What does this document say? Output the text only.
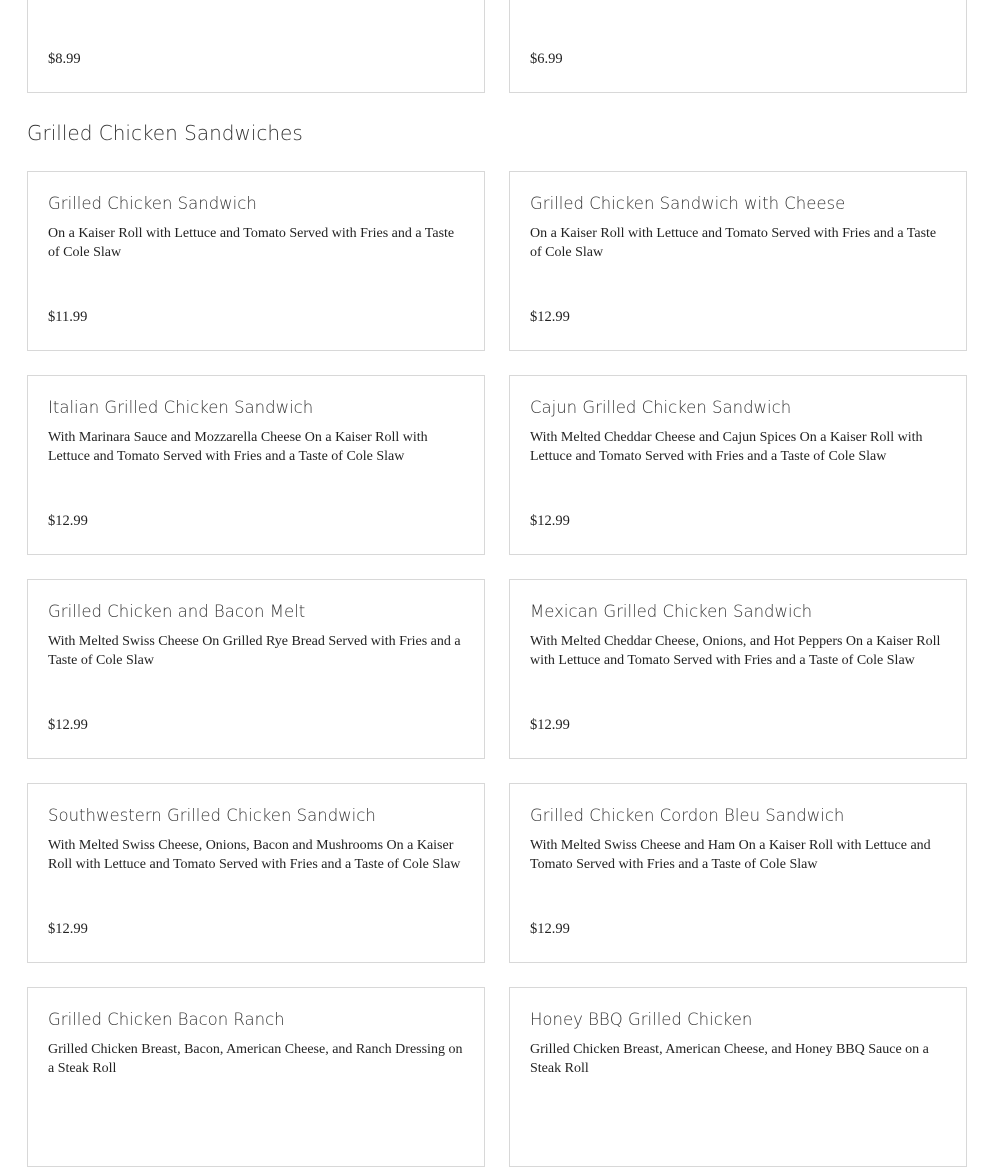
$8.99	$6.99
Grilled Chicken Sandwiches
Grilled Chicken Sandwich
On a Kaiser Roll with Lettuce and Tomato Served with Fries and a Taste of Cole Slaw
$11.99
Grilled Chicken Sandwich with Cheese
On a Kaiser Roll with Lettuce and Tomato Served with Fries and a Taste of Cole Slaw
$12.99
Italian Grilled Chicken Sandwich
With Marinara Sauce and Mozzarella Cheese On a Kaiser Roll with Lettuce and Tomato Served with Fries and a Taste of Cole Slaw
$12.99
Cajun Grilled Chicken Sandwich
With Melted Cheddar Cheese and Cajun Spices On a Kaiser Roll with Lettuce and Tomato Served with Fries and a Taste of Cole Slaw
$12.99
Grilled Chicken and Bacon Melt
With Melted Swiss Cheese On Grilled Rye Bread Served with Fries and a Taste of Cole Slaw
$12.99
Mexican Grilled Chicken Sandwich
With Melted Cheddar Cheese, Onions, and Hot Peppers On a Kaiser Roll with Lettuce and Tomato Served with Fries and a Taste of Cole Slaw
$12.99
Southwestern Grilled Chicken Sandwich
With Melted Swiss Cheese, Onions, Bacon and Mushrooms On a Kaiser Roll with Lettuce and Tomato Served with Fries and a Taste of Cole Slaw
$12.99
Grilled Chicken Cordon Bleu Sandwich
With Melted Swiss Cheese and Ham On a Kaiser Roll with Lettuce and Tomato Served with Fries and a Taste of Cole Slaw
$12.99
Grilled Chicken Bacon Ranch
Grilled Chicken Breast, Bacon, American Cheese, and Ranch Dressing on a Steak Roll
Honey BBQ Grilled Chicken
Grilled Chicken Breast, American Cheese, and Honey BBQ Sauce on a Steak Roll
